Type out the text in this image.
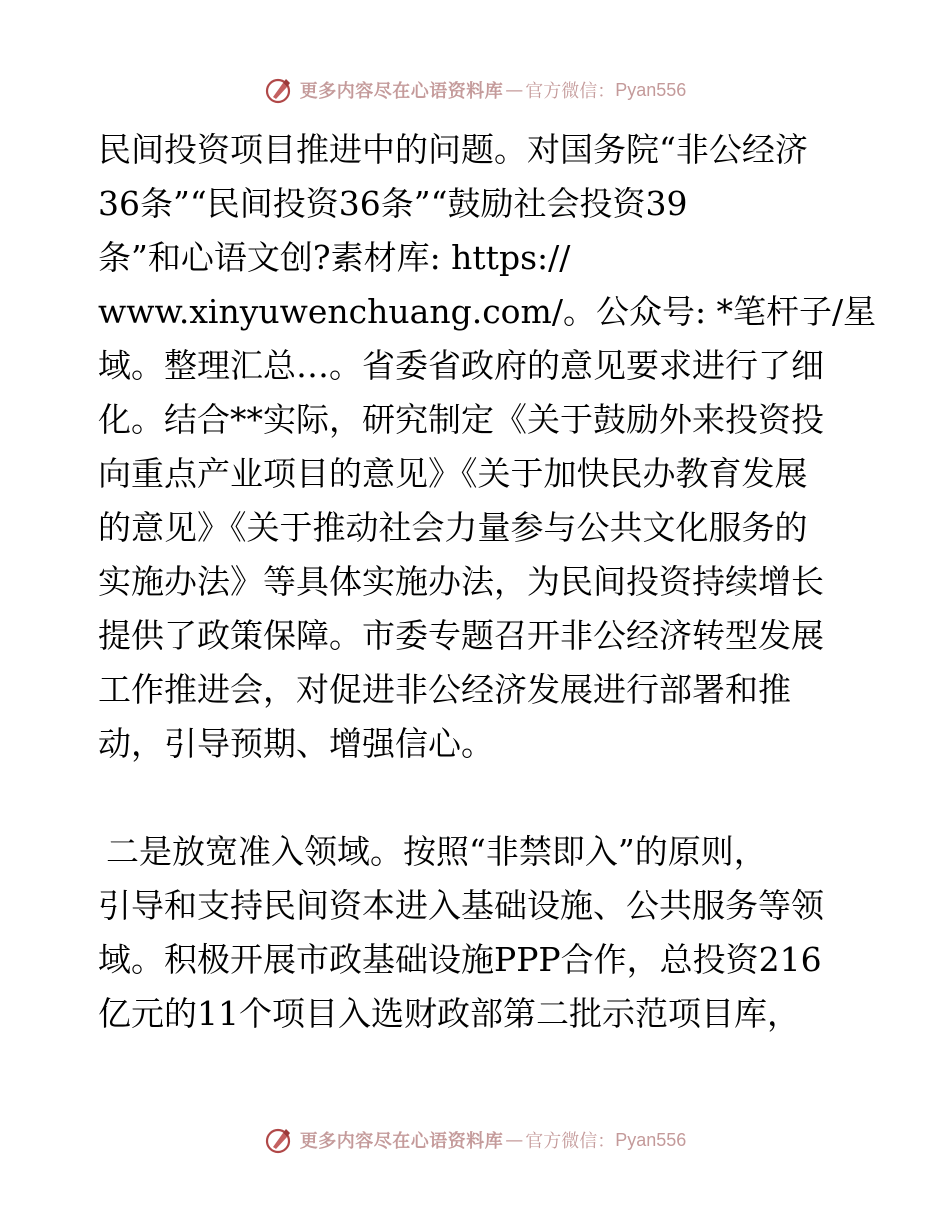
更多内容尽在心语资料库 — 官方微信： Pyan556
民间投资项目推进中的问题。对国务院“非公经济
36条”“民间投资36条”“鼓励社会投资39
条”和心语文创?素材库: https://
www.xinyuwenchuang.com/。公众号: *笔杆子/星
域。整理汇总…。省委省政府的意见要求进行了细
化。结合**实际，研究制定《关于鼓励外来投资投
向重点产业项目的意见》《关于加快民办教育发展
的意见》《关于推动社会力量参与公共文化服务的
实施办法》等具体实施办法，为民间投资持续增长
提供了政策保障。市委专题召开非公经济转型发展
工作推进会，对促进非公经济发展进行部署和推
动，引导预期、增强信心。
二是放宽准入领域。按照“非禁即入”的原则，
引导和支持民间资本进入基础设施、公共服务等领
域。积极开展市政基础设施PPP合作，总投资216
亿元的11个项目入选财政部第二批示范项目库，
更多内容尽在心语资料库 — 官方微信： Pyan556
